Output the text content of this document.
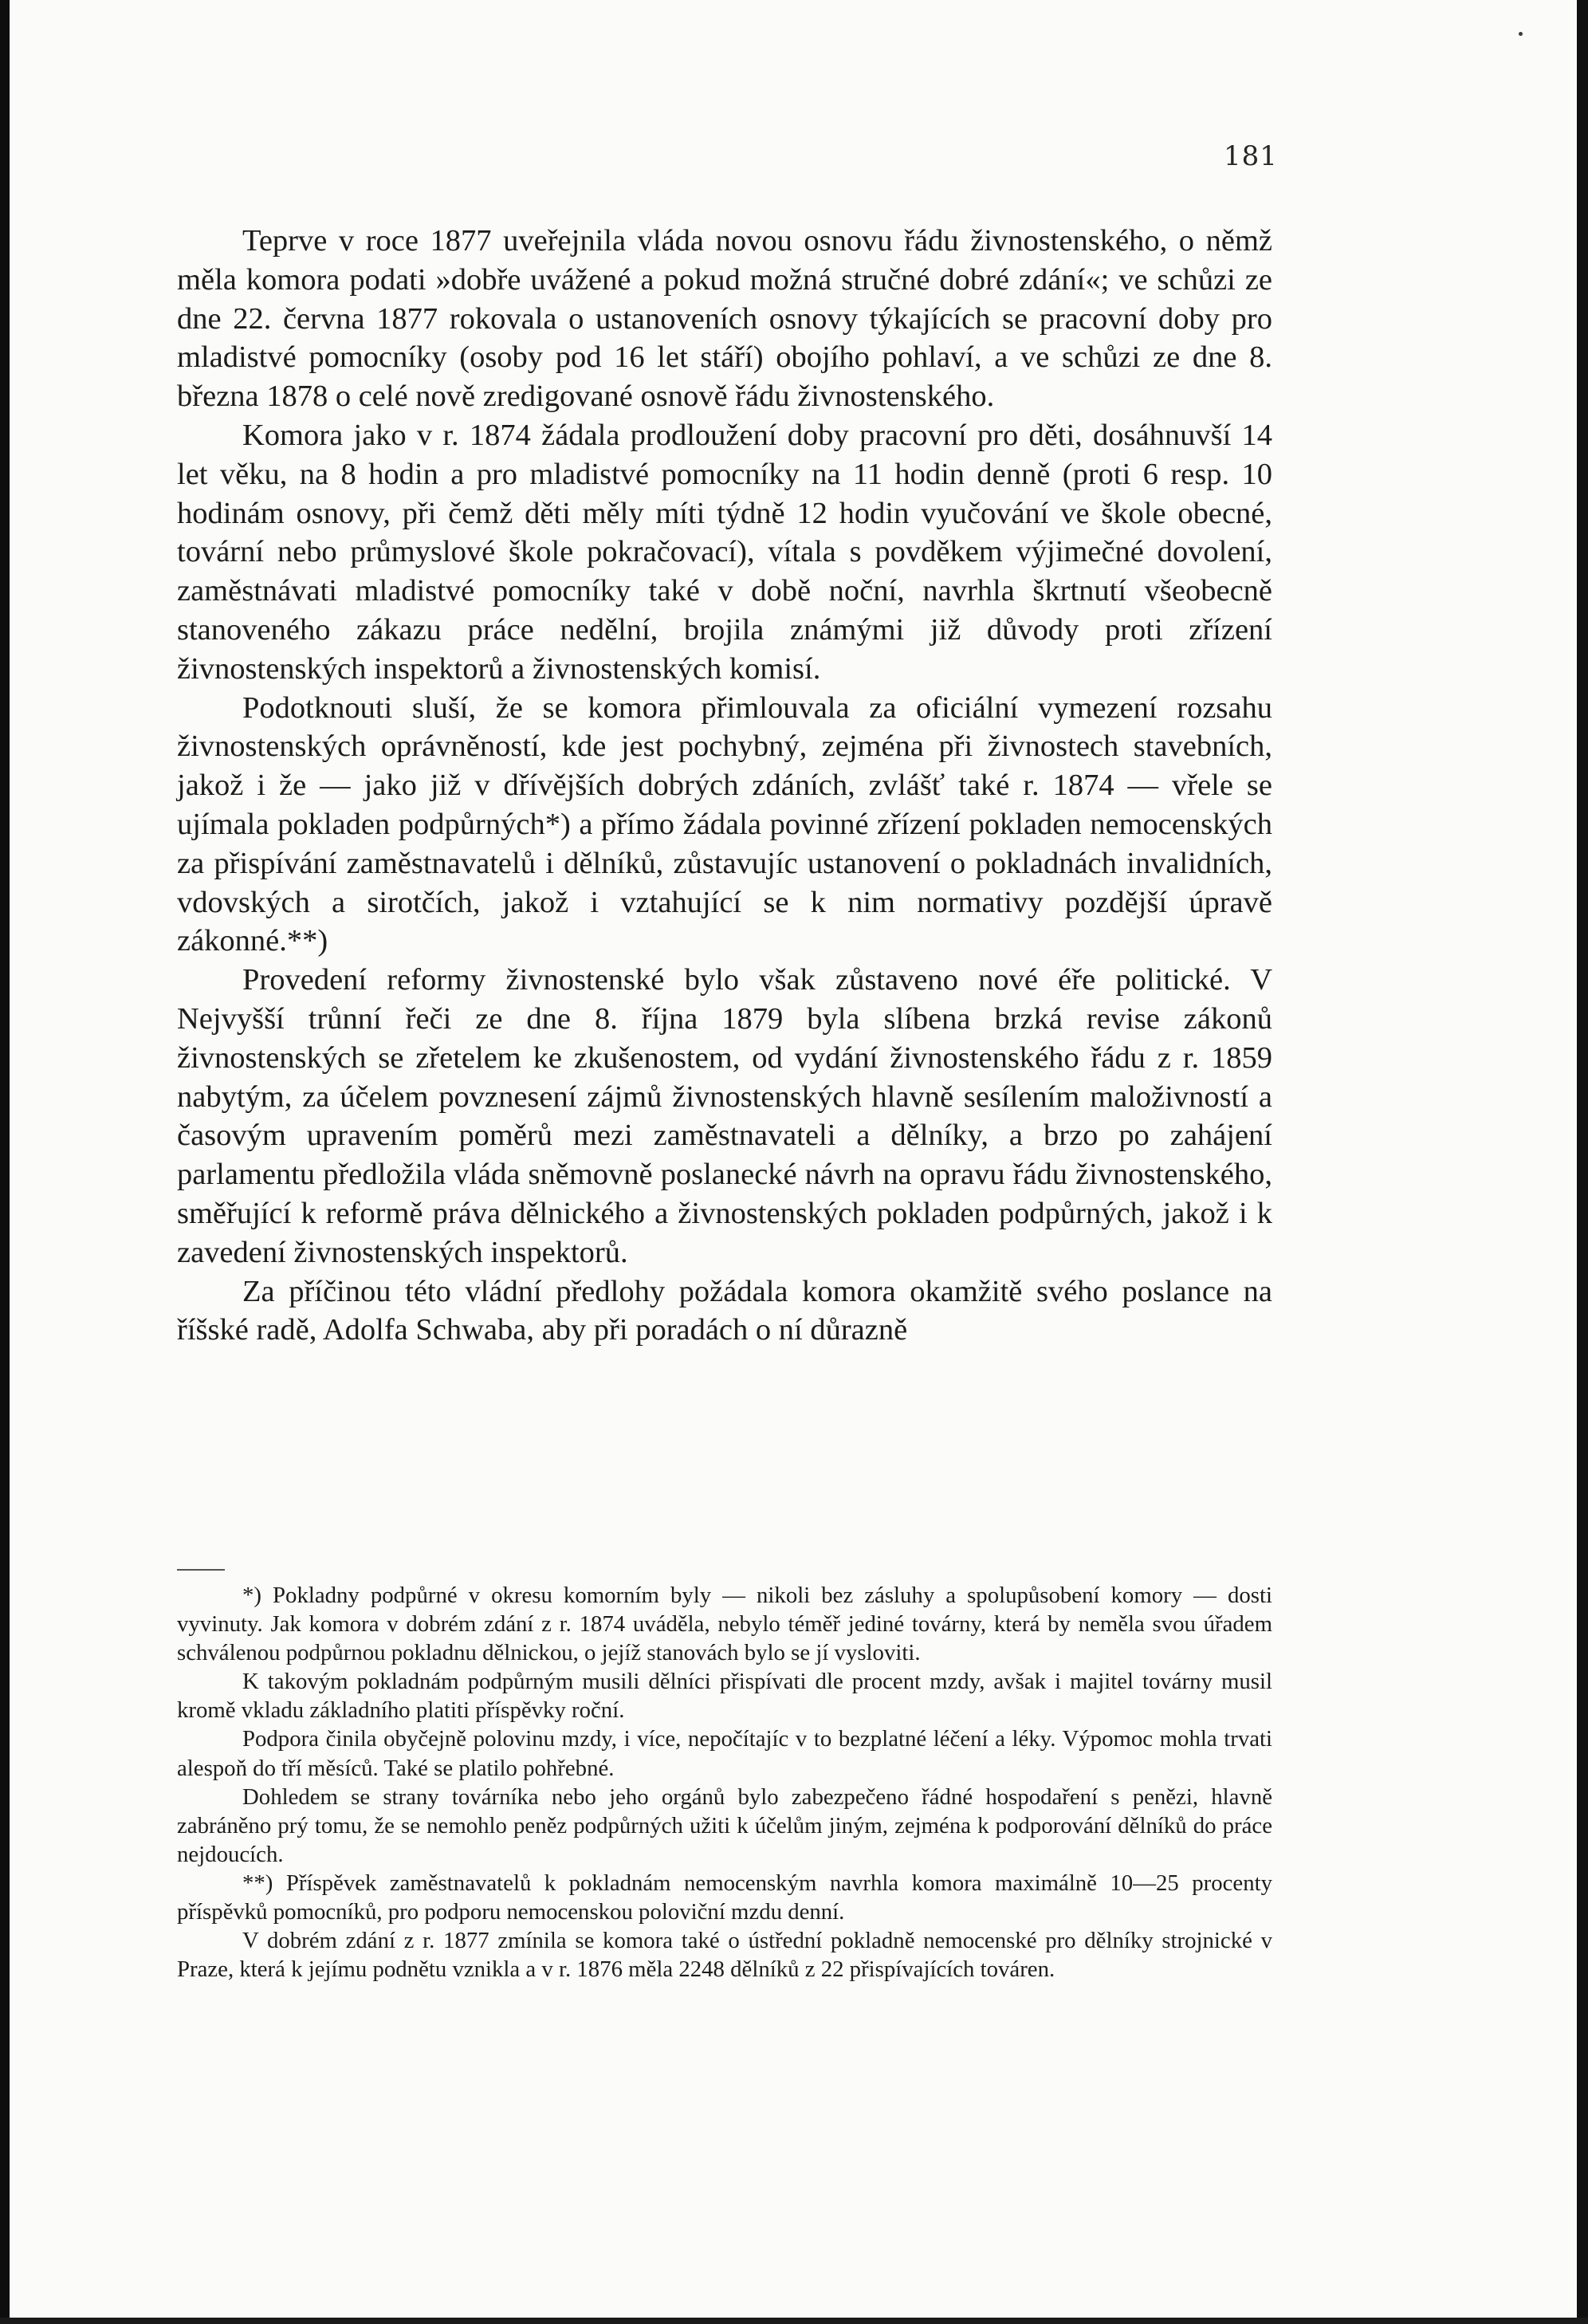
181

Teprve v roce 1877 uveřejnila vláda novou osnovu řádu živnostenského, o němž měla komora podati »dobře uvážené a pokud možná stručné dobré zdání«; ve schůzi ze dne 22. června 1877 rokovala o ustanoveních osnovy týkajících se pracovní doby pro mladistvé pomocníky (osoby pod 16 let stáří) obojího pohlaví, a ve schůzi ze dne 8. března 1878 o celé nově zredigované osnově řádu živnostenského.

Komora jako v r. 1874 žádala prodloužení doby pracovní pro děti, dosáhnuvší 14 let věku, na 8 hodin a pro mladistvé pomocníky na 11 hodin denně (proti 6 resp. 10 hodinám osnovy, při čemž děti měly míti týdně 12 hodin vyučování ve škole obecné, tovární nebo průmyslové škole pokračovací), vítala s povděkem výjimečné dovolení, zaměstnávati mladistvé pomocníky také v době noční, navrhla škrtnutí všeobecně stanoveného zákazu práce nedělní, brojila známými již důvody proti zřízení živnostenských inspektorů a živnostenských komisí.

Podotknouti sluší, že se komora přimlouvala za oficiální vymezení rozsahu živnostenských oprávněností, kde jest pochybný, zejména při živnostech stavebních, jakož i že — jako již v dřívějších dobrých zdáních, zvlášť také r. 1874 — vřele se ujímala pokladen podpůrných*) a přímo žádala povinné zřízení pokladen nemocenských za přispívání zaměstnavatelů i dělníků, zůstavujíc ustanovení o pokladnách invalidních, vdovských a sirotčích, jakož i vztahující se k nim normativy pozdější úpravě zákonné.**)

Provedení reformy živnostenské bylo však zůstaveno nové éře politické. V Nejvyšší trůnní řeči ze dne 8. října 1879 byla slíbena brzká revise zákonů živnostenských se zřetelem ke zkušenostem, od vydání živnostenského řádu z r. 1859 nabytým, za účelem povznesení zájmů živnostenských hlavně sesílením maloživností a časovým upravením poměrů mezi zaměstnavateli a dělníky, a brzo po zahájení parlamentu předložila vláda sněmovně poslanecké návrh na opravu řádu živnostenského, směřující k reformě práva dělnického a živnostenských pokladen podpůrných, jakož i k zavedení živnostenských inspektorů.

Za příčinou této vládní předlohy požádala komora okamžitě svého poslance na říšské radě, Adolfa Schwaba, aby při poradách o ní důrazně

*) Pokladny podpůrné v okresu komorním byly — nikoli bez zásluhy a spolupůsobení komory — dosti vyvinuty. Jak komora v dobrém zdání z r. 1874 uváděla, nebylo téměř jediné továrny, která by neměla svou úřadem schválenou podpůrnou pokladnu dělnickou, o jejíž stanovách bylo se jí vysloviti.

K takovým pokladnám podpůrným musili dělníci přispívati dle procent mzdy, avšak i majitel továrny musil kromě vkladu základního platiti příspěvky roční.

Podpora činila obyčejně polovinu mzdy, i více, nepočítajíc v to bezplatné léčení a léky. Výpomoc mohla trvati alespoň do tří měsíců. Také se platilo pohřebné.

Dohledem se strany továrníka nebo jeho orgánů bylo zabezpečeno řádné hospodaření s penězi, hlavně zabráněno prý tomu, že se nemohlo peněz podpůrných užiti k účelům jiným, zejména k podporování dělníků do práce nejdoucích.

**) Příspěvek zaměstnavatelů k pokladnám nemocenským navrhla komora maximálně 10—25 procenty příspěvků pomocníků, pro podporu nemocenskou poloviční mzdu denní.

V dobrém zdání z r. 1877 zmínila se komora také o ústřední pokladně nemocenské pro dělníky strojnické v Praze, která k jejímu podnětu vznikla a v r. 1876 měla 2248 dělníků z 22 přispívajících továren.
